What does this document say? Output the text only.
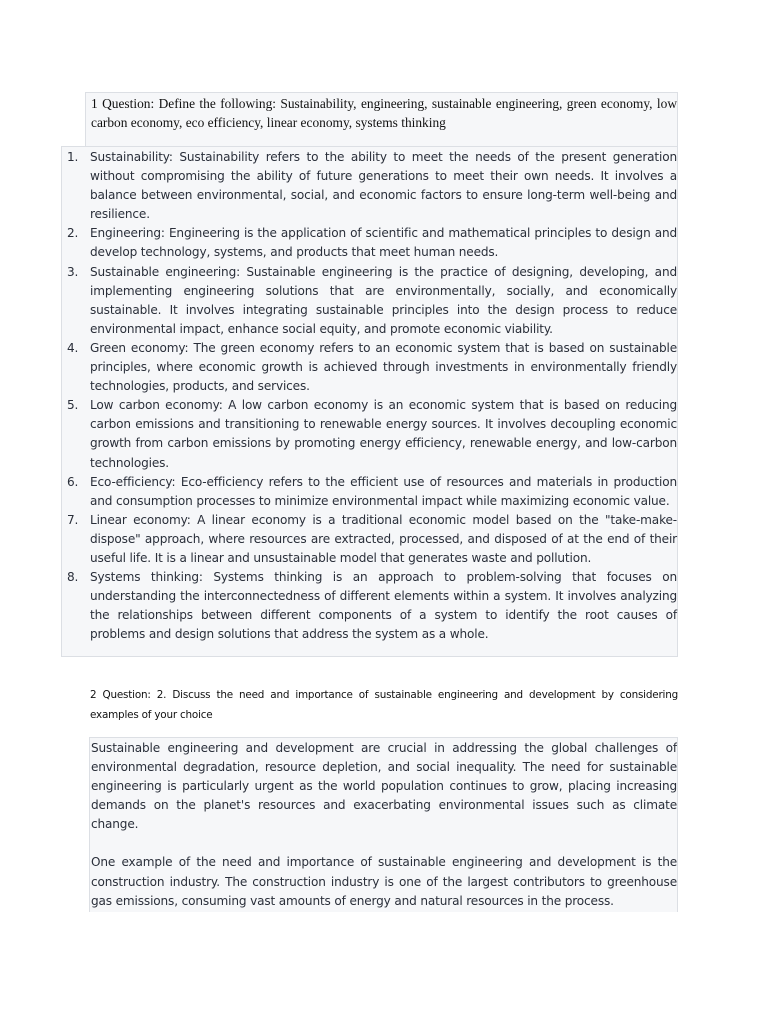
1 Question: Define the following: Sustainability, engineering, sustainable engineering, green economy, low carbon economy, eco efficiency, linear economy, systems thinking
1. Sustainability: Sustainability refers to the ability to meet the needs of the present generation without compromising the ability of future generations to meet their own needs. It involves a balance between environmental, social, and economic factors to ensure long-term well-being and resilience.
2. Engineering: Engineering is the application of scientific and mathematical principles to design and develop technology, systems, and products that meet human needs.
3. Sustainable engineering: Sustainable engineering is the practice of designing, developing, and implementing engineering solutions that are environmentally, socially, and economically sustainable. It involves integrating sustainable principles into the design process to reduce environmental impact, enhance social equity, and promote economic viability.
4. Green economy: The green economy refers to an economic system that is based on sustainable principles, where economic growth is achieved through investments in environmentally friendly technologies, products, and services.
5. Low carbon economy: A low carbon economy is an economic system that is based on reducing carbon emissions and transitioning to renewable energy sources. It involves decoupling economic growth from carbon emissions by promoting energy efficiency, renewable energy, and low-carbon technologies.
6. Eco-efficiency: Eco-efficiency refers to the efficient use of resources and materials in production and consumption processes to minimize environmental impact while maximizing economic value.
7. Linear economy: A linear economy is a traditional economic model based on the "take-make-dispose" approach, where resources are extracted, processed, and disposed of at the end of their useful life. It is a linear and unsustainable model that generates waste and pollution.
8. Systems thinking: Systems thinking is an approach to problem-solving that focuses on understanding the interconnectedness of different elements within a system. It involves analyzing the relationships between different components of a system to identify the root causes of problems and design solutions that address the system as a whole.
2 Question: 2. Discuss the need and importance of sustainable engineering and development by considering examples of your choice

Sustainable engineering and development are crucial in addressing the global challenges of environmental degradation, resource depletion, and social inequality. The need for sustainable engineering is particularly urgent as the world population continues to grow, placing increasing demands on the planet's resources and exacerbating environmental issues such as climate change.

One example of the need and importance of sustainable engineering and development is the construction industry. The construction industry is one of the largest contributors to greenhouse gas emissions, consuming vast amounts of energy and natural resources in the process.
